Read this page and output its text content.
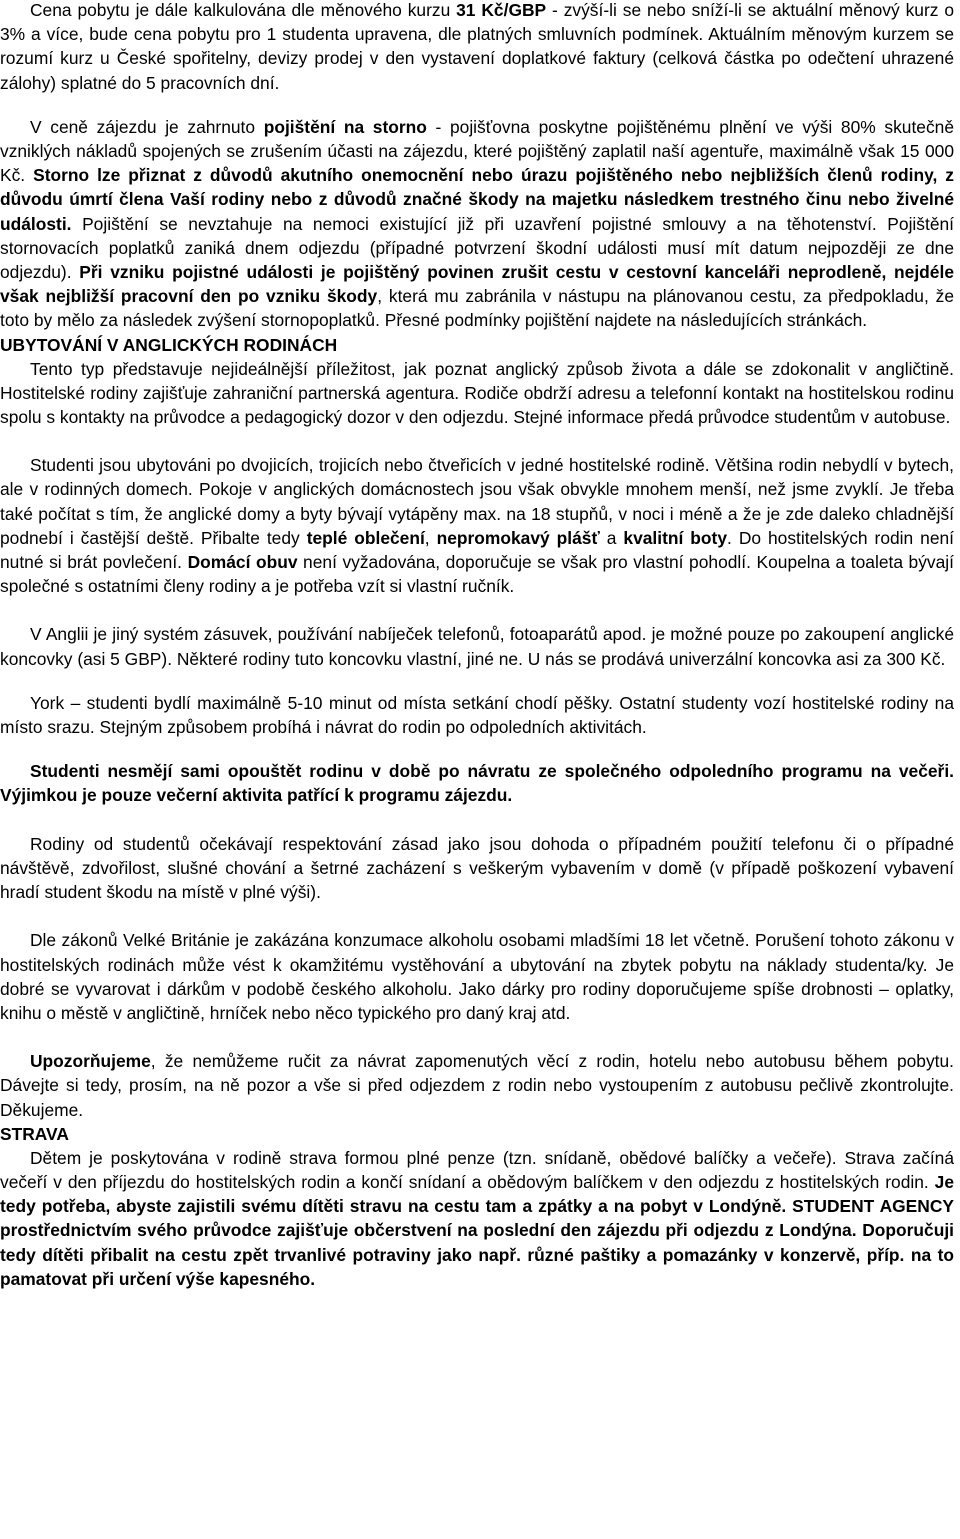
Cena pobytu je dále kalkulována dle měnového kurzu 31 Kč/GBP - zvýší-li se nebo sníží-li se aktuální měnový kurz o 3% a více, bude cena pobytu pro 1 studenta upravena, dle platných smluvních podmínek. Aktuálním měnovým kurzem se rozumí kurz u České spořitelny, devizy prodej v den vystavení doplatkové faktury (celková částka po odečtení uhrazené zálohy) splatné do 5 pracovních dní.

V ceně zájezdu je zahrnuto pojištění na storno - pojišťovna poskytne pojištěnému plnění ve výši 80% skutečně vzniklých nákladů spojených se zrušením účasti na zájezdu, které pojištěný zaplatil naší agentuře, maximálně však 15 000 Kč. Storno lze přiznat z důvodů akutního onemocnění nebo úrazu pojištěného nebo nejbližších členů rodiny, z důvodu úmrtí člena Vaší rodiny nebo z důvodů značné škody na majetku následkem trestného činu nebo živelné události. Pojištění se nevztahuje na nemoci existující již při uzavření pojistné smlouvy a na těhotenství. Pojištění stornovacích poplatků zaniká dnem odjezdu (případné potvrzení škodní události musí mít datum nejpozději ze dne odjezdu). Při vzniku pojistné události je pojištěný povinen zrušit cestu v cestovní kanceláři neprodleně, nejdéle však nejbližší pracovní den po vzniku škody, která mu zabránila v nástupu na plánovanou cestu, za předpokladu, že toto by mělo za následek zvýšení stornopoplatků. Přesné podmínky pojištění najdete na následujících stránkách.

UBYTOVÁNÍ V ANGLICKÝCH RODINÁCH

Tento typ představuje nejideálnější příležitost, jak poznat anglický způsob života a dále se zdokonalit v angličtině. Hostitelské rodiny zajišťuje zahraniční partnerská agentura. Rodiče obdrží adresu a telefonní kontakt na hostitelskou rodinu spolu s kontakty na průvodce a pedagogický dozor v den odjezdu. Stejné informace předá průvodce studentům v autobuse.

Studenti jsou ubytováni po dvojicích, trojicích nebo čtveřicích v jedné hostitelské rodině. Většina rodin nebydlí v bytech, ale v rodinných domech. Pokoje v anglických domácnostech jsou však obvykle mnohem menší, než jsme zvyklí. Je třeba také počítat s tím, že anglické domy a byty bývají vytápěny max. na 18 stupňů, v noci i méně a že je zde daleko chladnější podnebí i častější deště. Přibalte tedy teplé oblečení, nepromokavý plášť a kvalitní boty. Do hostitelských rodin není nutné si brát povlečení. Domácí obuv není vyžadována, doporučuje se však pro vlastní pohodlí. Koupelna a toaleta bývají společné s ostatními členy rodiny a je potřeba vzít si vlastní ručník.

V Anglii je jiný systém zásuvek, používání nabíječek telefonů, fotoaparátů apod. je možné pouze po zakoupení anglické koncovky (asi 5 GBP). Některé rodiny tuto koncovku vlastní, jiné ne. U nás se prodává univerzální koncovka asi za 300 Kč.

York – studenti bydlí maximálně 5-10 minut od místa setkání chodí pěšky. Ostatní studenty vozí hostitelské rodiny na místo srazu. Stejným způsobem probíhá i návrat do rodin po odpoledních aktivitách.

Studenti nesmějí sami opouštět rodinu v době po návratu ze společného odpoledního programu na večeři. Výjimkou je pouze večerní aktivita patřící k programu zájezdu.

Rodiny od studentů očekávají respektování zásad jako jsou dohoda o případném použití telefonu či o případné návštěvě, zdvořilost, slušné chování a šetrné zacházení s veškerým vybavením v domě (v případě poškození vybavení hradí student škodu na místě v plné výši).

Dle zákonů Velké Británie je zakázána konzumace alkoholu osobami mladšími 18 let včetně. Porušení tohoto zákonu v hostitelských rodinách může vést k okamžitému vystěhování a ubytování na zbytek pobytu na náklady studenta/ky. Je dobré se vyvarovat i dárkům v podobě českého alkoholu. Jako dárky pro rodiny doporučujeme spíše drobnosti – oplatky, knihu o městě v angličtině, hrníček nebo něco typického pro daný kraj atd.

Upozorňujeme, že nemůžeme ručit za návrat zapomenutých věcí z rodin, hotelu nebo autobusu během pobytu. Dávejte si tedy, prosím, na ně pozor a vše si před odjezdem z rodin nebo vystoupením z autobusu pečlivě zkontrolujte. Děkujeme.

STRAVA

Dětem je poskytována v rodině strava formou plné penze (tzn. snídaně, obědové balíčky a večeře). Strava začíná večeří v den příjezdu do hostitelských rodin a končí snídaní a obědovým balíčkem v den odjezdu z hostitelských rodin. Je tedy potřeba, abyste zajistili svému dítěti stravu na cestu tam a zpátky a na pobyt v Londýně. STUDENT AGENCY prostřednictvím svého průvodce zajišťuje občerstvení na poslední den zájezdu při odjezdu z Londýna. Doporučuji tedy dítěti přibalit na cestu zpět trvanlivé potraviny jako např. různé paštiky a pomazánky v konzervě, příp. na to pamatovat při určení výše kapesného.
